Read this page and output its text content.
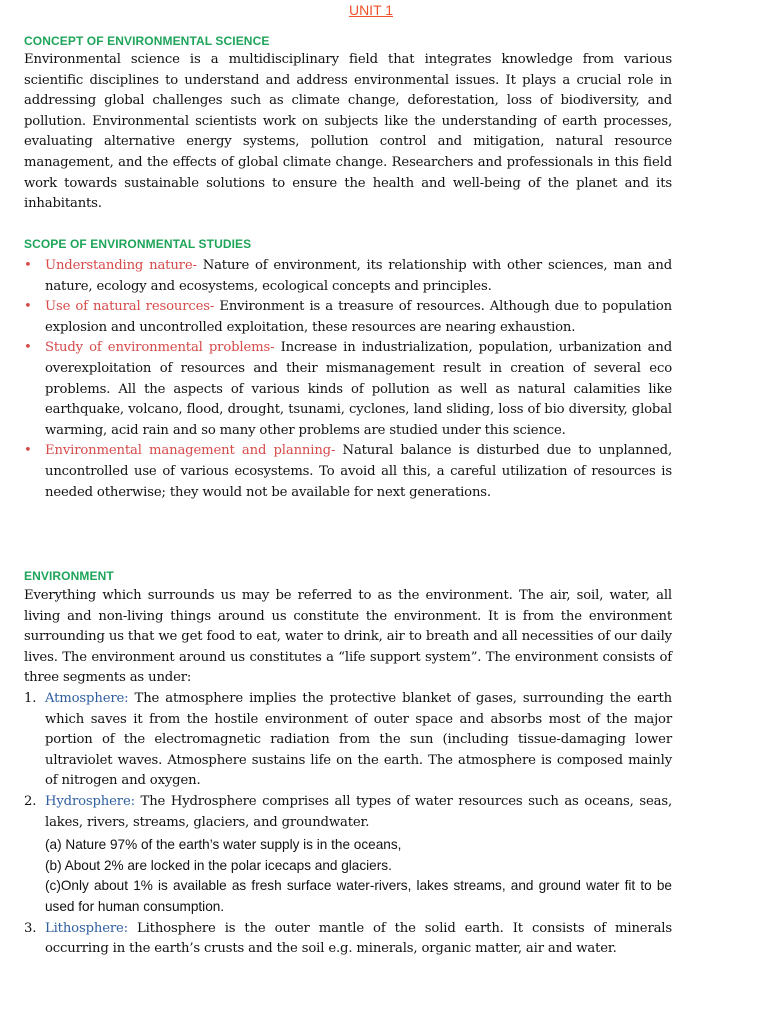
UNIT 1

CONCEPT OF ENVIRONMENTAL SCIENCE

Environmental science is a multidisciplinary field that integrates knowledge from various scientific disciplines to understand and address environmental issues. It plays a crucial role in addressing global challenges such as climate change, deforestation, loss of biodiversity, and pollution. Environmental scientists work on subjects like the understanding of earth processes, evaluating alternative energy systems, pollution control and mitigation, natural resource management, and the effects of global climate change. Researchers and professionals in this field work towards sustainable solutions to ensure the health and well-being of the planet and its inhabitants.

SCOPE OF ENVIRONMENTAL STUDIES
• Understanding nature- Nature of environment, its relationship with other sciences, man and nature, ecology and ecosystems, ecological concepts and principles.
• Use of natural resources- Environment is a treasure of resources. Although due to population explosion and uncontrolled exploitation, these resources are nearing exhaustion.
• Study of environmental problems- Increase in industrialization, population, urbanization and overexploitation of resources and their mismanagement result in creation of several eco problems. All the aspects of various kinds of pollution as well as natural calamities like earthquake, volcano, flood, drought, tsunami, cyclones, land sliding, loss of bio diversity, global warming, acid rain and so many other problems are studied under this science.
• Environmental management and planning- Natural balance is disturbed due to unplanned, uncontrolled use of various ecosystems. To avoid all this, a careful utilization of resources is needed otherwise; they would not be available for next generations.
ENVIRONMENT

Everything which surrounds us may be referred to as the environment. The air, soil, water, all living and non-living things around us constitute the environment. It is from the environment surrounding us that we get food to eat, water to drink, air to breath and all necessities of our daily lives. The environment around us constitutes a “life support system”. The environment consists of three segments as under:

1. Atmosphere: The atmosphere implies the protective blanket of gases, surrounding the earth which saves it from the hostile environment of outer space and absorbs most of the major portion of the electromagnetic radiation from the sun (including tissue-damaging lower ultraviolet waves. Atmosphere sustains life on the earth. The atmosphere is composed mainly of nitrogen and oxygen.
2. Hydrosphere: The Hydrosphere comprises all types of water resources such as oceans, seas, lakes, rivers, streams, glaciers, and groundwater.
(a) Nature 97% of the earth’s water supply is in the oceans,
(b) About 2% are locked in the polar icecaps and glaciers.
(c)Only about 1% is available as fresh surface water-rivers, lakes streams, and ground water fit to be used for human consumption.
3. Lithosphere: Lithosphere is the outer mantle of the solid earth. It consists of minerals occurring in the earth’s crusts and the soil e.g. minerals, organic matter, air and water.
